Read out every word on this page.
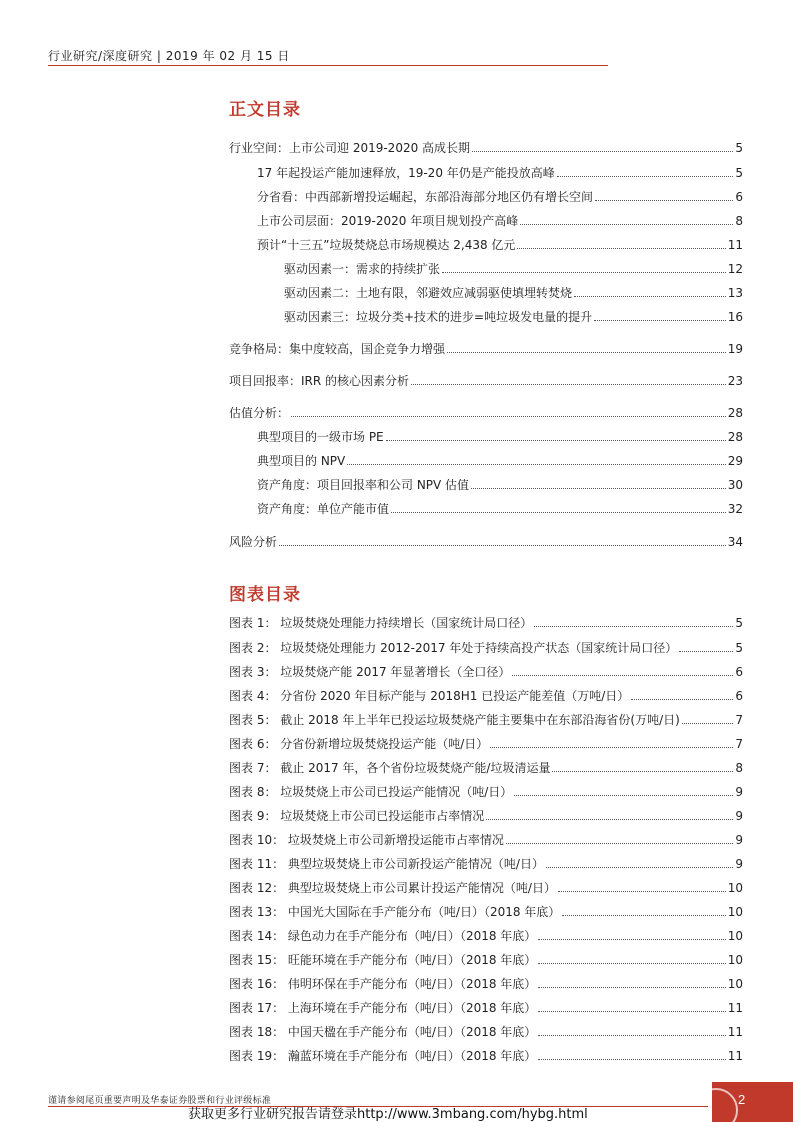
行业研究/深度研究 | 2019 年 02 月 15 日
正文目录
行业空间：上市公司迎 2019-2020 高成长期	5
17 年起投运产能加速释放，19-20 年仍是产能投放高峰	5
分省看：中西部新增投运崛起，东部沿海部分地区仍有增长空间	6
上市公司层面：2019-2020 年项目规划投产高峰	8
预计“十三五”垃圾焚烧总市场规模达 2,438 亿元	11
驱动因素一：需求的持续扩张	12
驱动因素二：土地有限，邻避效应减弱驱使填埋转焚烧	13
驱动因素三：垃圾分类+技术的进步=吨垃圾发电量的提升	16
竞争格局：集中度较高，国企竞争力增强	19
项目回报率：IRR 的核心因素分析	23
估值分析：	28
典型项目的一级市场 PE	28
典型项目的 NPV	29
资产角度：项目回报率和公司 NPV 估值	30
资产角度：单位产能市值	32
风险分析	34
图表目录
图表 1： 垃圾焚烧处理能力持续增长（国家统计局口径）	5
图表 2： 垃圾焚烧处理能力 2012-2017 年处于持续高投产状态（国家统计局口径）	5
图表 3： 垃圾焚烧产能 2017 年显著增长（全口径）	6
图表 4： 分省份 2020 年目标产能与 2018H1 已投运产能差值（万吨/日）	6
图表 5： 截止 2018 年上半年已投运垃圾焚烧产能主要集中在东部沿海省份(万吨/日)	7
图表 6： 分省份新增垃圾焚烧投运产能（吨/日）	7
图表 7： 截止 2017 年，各个省份垃圾焚烧产能/垃圾清运量	8
图表 8： 垃圾焚烧上市公司已投运产能情况（吨/日）	9
图表 9： 垃圾焚烧上市公司已投运能市占率情况	9
图表 10： 垃圾焚烧上市公司新增投运能市占率情况	9
图表 11： 典型垃圾焚烧上市公司新投运产能情况（吨/日）	9
图表 12： 典型垃圾焚烧上市公司累计投运产能情况（吨/日）	10
图表 13： 中国光大国际在手产能分布（吨/日）（2018 年底）	10
图表 14： 绿色动力在手产能分布（吨/日）（2018 年底）	10
图表 15： 旺能环境在手产能分布（吨/日）（2018 年底）	10
图表 16： 伟明环保在手产能分布（吨/日）（2018 年底）	10
图表 17： 上海环境在手产能分布（吨/日）（2018 年底）	11
图表 18： 中国天楹在手产能分布（吨/日）（2018 年底）	11
图表 19： 瀚蓝环境在手产能分布（吨/日）（2018 年底）	11
谨请参阅尾页重要声明及华泰证券股票和行业评级标准
获取更多行业研究报告请登录http://www.3mbang.com/hybg.html
2
